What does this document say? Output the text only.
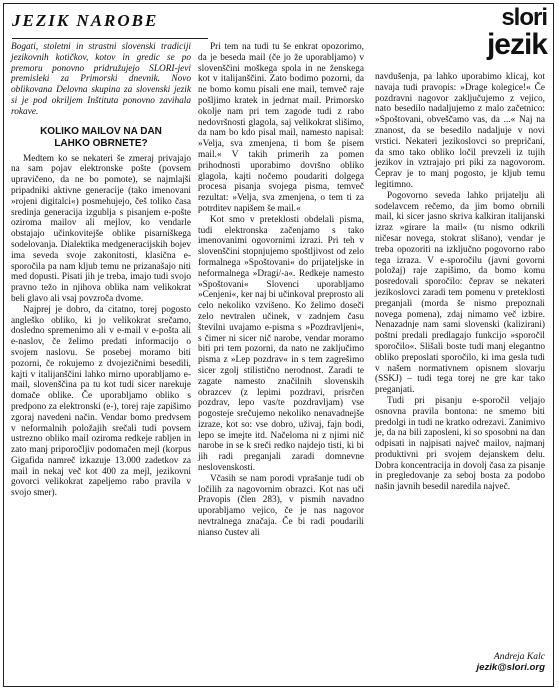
JEZIK NAROBE	slori
jezik

Bogati, stoletni in strastni slovenski tradiciji jezikovnih kotičkov, kotov in gredic se po premoru ponovno pridružujejo SLORI-jevi premisleki za Primorski dnevnik. Novo oblikovana Delovna skupina za slovenski jezik si je pod okriljem Inštituta ponovno zavihala rokave.

KOLIKO MAILOV NA DAN
LAHKO OBRNETE?

Medtem ko se nekateri še zmeraj privajajo na sam pojav elektronske pošte (povsem upravičeno, da ne bo pomote), se najmlajši pripadniki aktivne generacije (tako imenovani »rojeni digitalci«) posmehujejo, češ toliko časa sredinja generacija izgublja s pisanjem e-pošte oziroma mailov ali mejlov, ko vendarle obstajajo učinkovitejše oblike pisarniškega sodelovanja. Dialektika medgeneracijskih bojev ima seveda svoje zakonitosti, klasična e-sporočila pa nam kljub temu ne prizanašajo niti med dopusti. Pisati jih je treba, imajo tudi svojo pravno težo in njihova oblika nam velikokrat beli glavo ali vsaj povzroča dvome.

Najprej je dobro, da citatno, torej pogosto angleško obliko, ki jo velikokrat srečamo, dosledno spremenimo ali v e-mail v e-pošta ali e-naslov, če želimo predati informacijo o svojem naslovu. Se posebej moramo biti pozorni, če rokujemo z dvojezičnimi besedili, kajti v italijanščini lahko mirno uporabljamo e-mail, slovenščina pa tu kot tudi sicer narekuje domače oblike. Če uporabljamo obliko s predpono za elektronski (e-), torej raje zapišimo zgoraj navedeni način. Vendar bomo predvsem v neformalnih položajih srečali tudi povsem ustrezno obliko mail oziroma redkeje rabljen in zato manj priporočljiv podomačen mejl (korpus Gigafida namreč izkazuje 13.000 zadetkov za mail in nekaj več kot 400 za mejl, jezikovni govorci velikokrat zapeljemo rabo pravila v svojo smer).

Pri tem na tudi tu še enkrat opozorimo, da je beseda mail (če jo že uporabljamo) v slovenščini moškega spola in ne ženskega kot v italijanščini. Zato bodimo pozorni, da ne bomo komu pisali ene mail, temveč raje pošljimo kratek in jedrnat mail. Primorsko okolje nam pri tem zagode tudi z rabo nedovršnosti glagola, saj velikokrat slišimo, da nam bo kdo pisal mail, namesto napisal: »Velja, sva zmenjena, ti bom še pisem mail.« V takih primerih za pomen prihodnosti uporabimo dovršno obliko glagola, kajti nočemo poudariti dolgega procesa pisanja svojega pisma, temveč rezultat: »Velja, sva zmenjena, o tem ti za potrditev napišem še mail.«

Kot smo v preteklosti obdelali pisma, tudi elektronska začenjamo s tako imenovanimi ogovornimi izrazi. Pri teh v slovenščini stopnjujemo spoštljivost od zelo formalnega »Spoštovani« do prijateljske in neformalnega »Dragi/-a«. Redkeje namesto »Spoštovani« Slovenci uporabljamo »Cenjeni«, ker naj bi učinkoval preprosto ali celo nekoliko vzvišeno. Ko želimo doseči zelo nevtralen učinek, v zadnjem času številni uvajamo e-pisma s »Pozdravljeni«, s čimer ni sicer nič narobe, vendar moramo biti pri tem pozorni, da nato ne zaključimo pisma z »Lep pozdrav« in s tem zagrešimo sicer zgolj stilistično nerodnost. Zaradi te zagate namesto značilnih slovenskih obrazcev (z lepimi pozdravi, prisrčen pozdrav, lepo vas/te pozdravljam) vse pogosteje srečujemo nekoliko nenavadnejše izraze, kot so: vse dobro, uživaj, fajn bodi, lepo se imejte itd. Načeloma ni z njimi nič narobe in se k sreči redko najdejo tisti, ki bi jih radi preganjali zaradi domnevne neslovenskosti.

Včasih se nam porodi vprašanje tudi ob ločilih za nagovornim obrazci. Kot nas uči Pravopis (člen 283), v pismih navadno uporabljamo vejico, če je nas nagovor nevtralnega značaja. Če bi radi poudarili nianso čustev ali

navdušenja, pa lahko uporabimo klicaj, kot navaja tudi pravopis: »Drage kolegice!« Če pozdravni nagovor zaključujemo z vejico, nato besedilo nadaljujemo z malo začetnico: »Spoštovani, obveščamo vas, da ...« Naj na znanost, da se besedilo nadaljuje v novi vrstici. Nekateri jezikoslovci so prepričani, da smo tako obliko ločil prevzeli iz tujih jezikov in vztrajajo pri piki za nagovorom. Čeprav je to manj pogosto, je kljub temu legitimno.

Pogovorno seveda lahko prijatelju ali sodelavcem rečemo, da jim bomo obrnili mail, ki sicer jasno skriva kalkiran italijanski izraz »girare la mail« (tu nismo odkrili ničesar novega, stokrat slišano), vendar je treba opozoriti na izključno pogovorno rabo tega izraza. V e-sporočilu (javni govorni položaj) raje zapišimo, da bomo komu posredovali sporočilo: čeprav se nekateri jezikoslovci zaradi tem pomenu v preteklosti preganjali (morda še nismo prepoznali novega pomena), zdaj nimamo več izbire. Nenazadnje nam sami slovenski (kalizirani) poštni predali predlagajo funkcijo »sporočil sporočilo«. Slišali boste tudi manj elegantno obliko preposlati sporočilo, ki ima gesla tudi v našem normativnem opisnem slovarju (SSKJ) – tudi tega torej ne gre kar tako preganjati.

Tudi pri pisanju e-sporočil veljajo osnovna pravila bontona: ne smemo biti predolgi in tudi ne kratko odrezavi. Zanimivo je, da na bili zaposleni, ki so sposobni na dan odpisati in najpisati največ mailov, najmanj produktivni pri svojem dejanskem delu. Dobra koncentracija in dovolj časa za pisanje in pregledovanje za seboj bosta za podobo našin javnih besedil naredila največ.

Andreja Kalc
jezik@slori.org
